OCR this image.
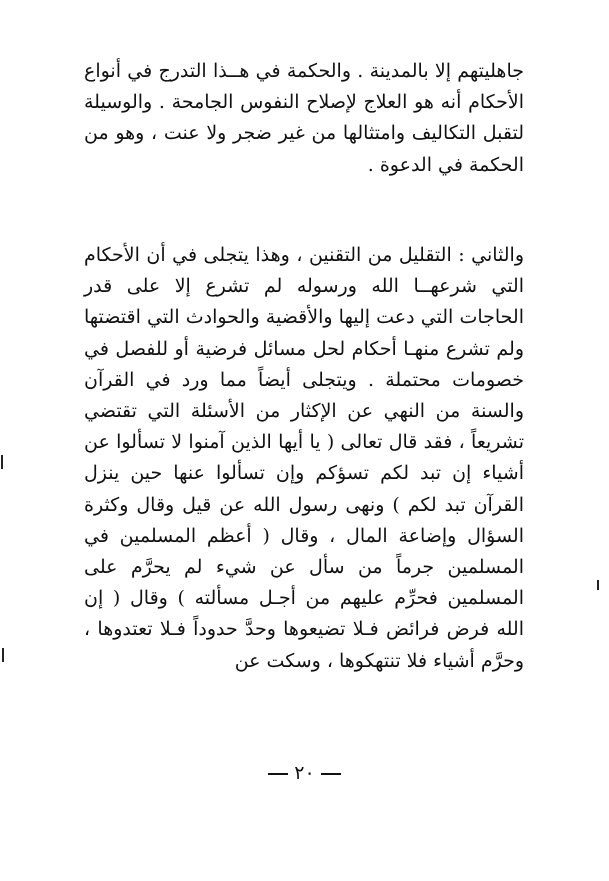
جاهليتهم إلا بالمدينة . والحكمة في هــذا التدرج في أنواع الأحكام أنه هو العلاج لإصلاح النفوس الجامحة . والوسيلة لتقبل التكاليف وامتثالها من غير ضجر ولا عنت ، وهو من الحكمة في الدعوة .

والثاني : التقليل من التقنين ، وهذا يتجلى في أن الأحكام التي شرعهــا الله ورسوله لم تشرع إلا على قدر الحاجات التي دعت إليها والأقضية والحوادث التي اقتضتها ولم تشرع منهـا أحكام لحل مسائل فرضية أو للفصل في خصومات محتملة . ويتجلى أيضاً مما ورد في القرآن والسنة من النهي عن الإكثار من الأسئلة التي تقتضي تشريعاً ، فقد قال تعالى ( يا أيها الذين آمنوا لا تسألوا عن أشياء إن تبد لكم تسؤكم وإن تسألوا عنها حين ينزل القرآن تبد لكم ) ونهى رسول الله عن قيل وقال وكثرة السؤال وإضاعة المال ، وقال ( أعظم المسلمين في المسلمين جرماً من سأل عن شيء لم يحرَّم على المسلمين فحرِّم عليهم من أجـل مسألته ) وقال ( إن الله فرض فرائض فـلا تضيعوها وحدَّ حدوداً فـلا تعتدوها ، وحرَّم أشياء فلا تنتهكوها ، وسكت عن

٢٠
